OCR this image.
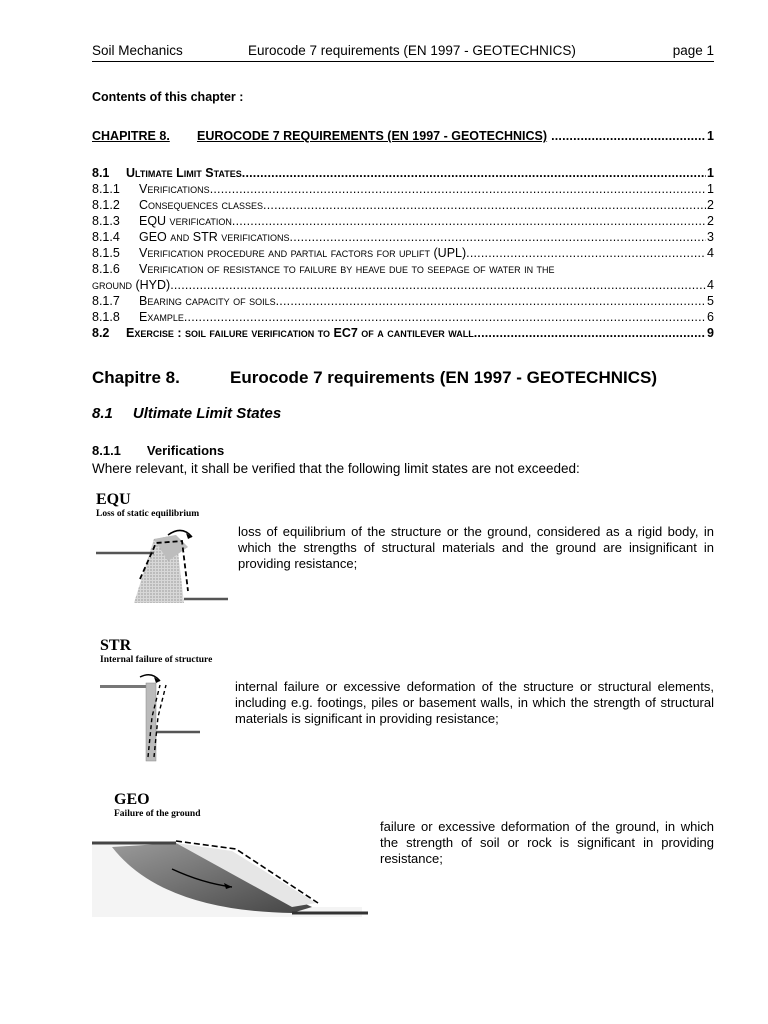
Soil Mechanics	Eurocode 7 requirements (EN 1997 - GEOTECHNICS)	page 1
Contents of this chapter :
CHAPITRE 8.	EUROCODE 7 REQUIREMENTS (EN 1997 - GEOTECHNICS) .....	1
8.1	Ultimate Limit States .....	1
8.1.1	Verifications .....	1
8.1.2	Consequences classes .....	2
8.1.3	EQU verification .....	2
8.1.4	GEO and STR verifications .....	3
8.1.5	Verification procedure and partial factors for uplift (UPL) .....	4
8.1.6	Verification of resistance to failure by heave due to seepage of water in the
ground (HYD) .....	4
8.1.7	Bearing capacity of soils .....	5
8.1.8	Example .....	6
8.2	Exercise : soil failure verification to EC7 of a cantilever wall .....	9
Chapitre 8.	Eurocode 7 requirements (EN 1997 - GEOTECHNICS)
8.1 Ultimate Limit States
8.1.1 Verifications
Where relevant, it shall be verified that the following limit states are not exceeded:
EQU
Loss of static equilibrium
loss of equilibrium of the structure or the ground, considered as a rigid body, in which the strengths of structural materials and the ground are insignificant in providing resistance;
STR
Internal failure of structure
internal failure or excessive deformation of the structure or structural elements, including e.g. footings, piles or basement walls, in which the strength of structural materials is significant in providing resistance;
GEO
Failure of the ground
failure or excessive deformation of the ground, in which the strength of soil or rock is significant in providing resistance;
